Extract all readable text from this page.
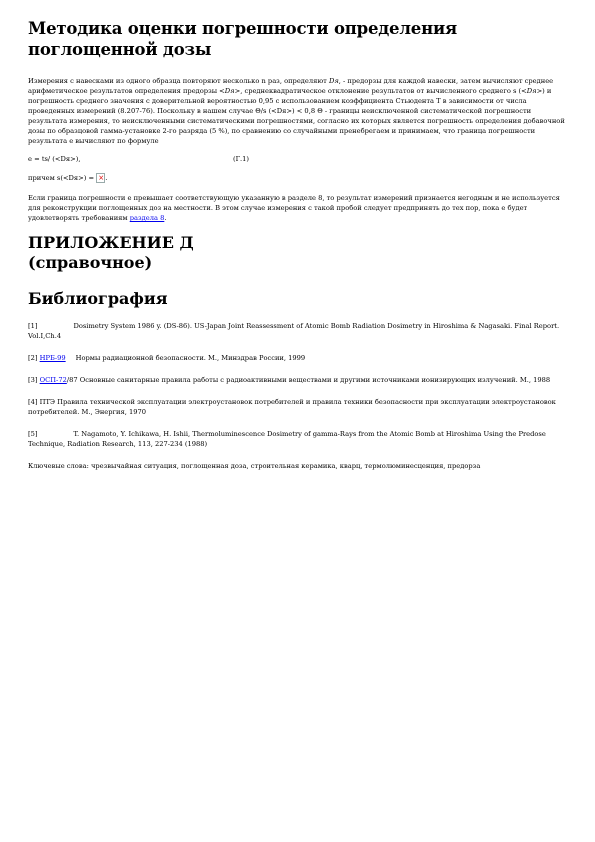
Методика оценки погрешности определения поглощенной дозы

Измерения с навесками из одного образца повторяют несколько n раз, определяют Dя, - предорзы для каждой навески, затем вычисляют среднее арифметическое результатов определения предорзы <Dя>, среднеквадратическое отклонение результатов от вычисленного среднего s (<Dя>) и погрешность среднего значения с доверительной вероятностью 0,95 с использованием коэффициента Стьюдента T в зависимости от числа проведенных измерений (8.207-76). Поскольку в нашем случае Θ/s (<Dя>) < 0,8 Θ - границы неисключенной систематической погрешности результата измерения, то неисключенными систематическими погрешностями, согласно их которых является погрешность определения добавочной дозы по образцовой гамма-установке 2-го разряда (5 %), по сравнению со случайными пренебрегаем и принимаем, что граница погрешности результата е вычисляют по формуле

e = ts/ (<Dя>),	(Г.1)

причем s(<Dя>) = ×.

Если граница погрешности е превышает соответствующую указанную в разделе 8, то результат измерений признается негодным и не используется для реконструкции поглощенных доз на местности. В этом случае измерения с такой пробой следует предпринять до тех пор, пока е будет удовлетворять требованиям раздела 8.

ПРИЛОЖЕНИЕ Д
(справочное)
Библиография

[1]	Dosimetry System 1986 y. (DS-86). US-Japan Joint Reassessment of Atomic Bomb Radiation Dosimetry in Hiroshima & Nagasaki. Final Report. Vol.I,Ch.4

[2] НРБ-99 Нормы радиационной безопасности. М., Минздрав России, 1999

[3] ОСП-72/87 Основные санитарные правила работы с радиоактивными веществами и другими источниками ионизирующих излучений. М., 1988

[4] ПТЭ Правила технической эксплуатации электроустановок потребителей и правила техники безопасности при эксплуатации электроустановок потребителей. М., Энергия, 1970

[5]	T. Nagamoto, Y. Ichikawa, H. Ishii, Thermoluminescence Dosimetry of gamma-Rays from the Atomic Bomb at Hiroshima Using the Predose Technique, Radiation Research, 113, 227-234 (1988)

Ключевые слова: чрезвычайная ситуация, поглощенная доза, строительная керамика, кварц, термолюминесценция, предорза
